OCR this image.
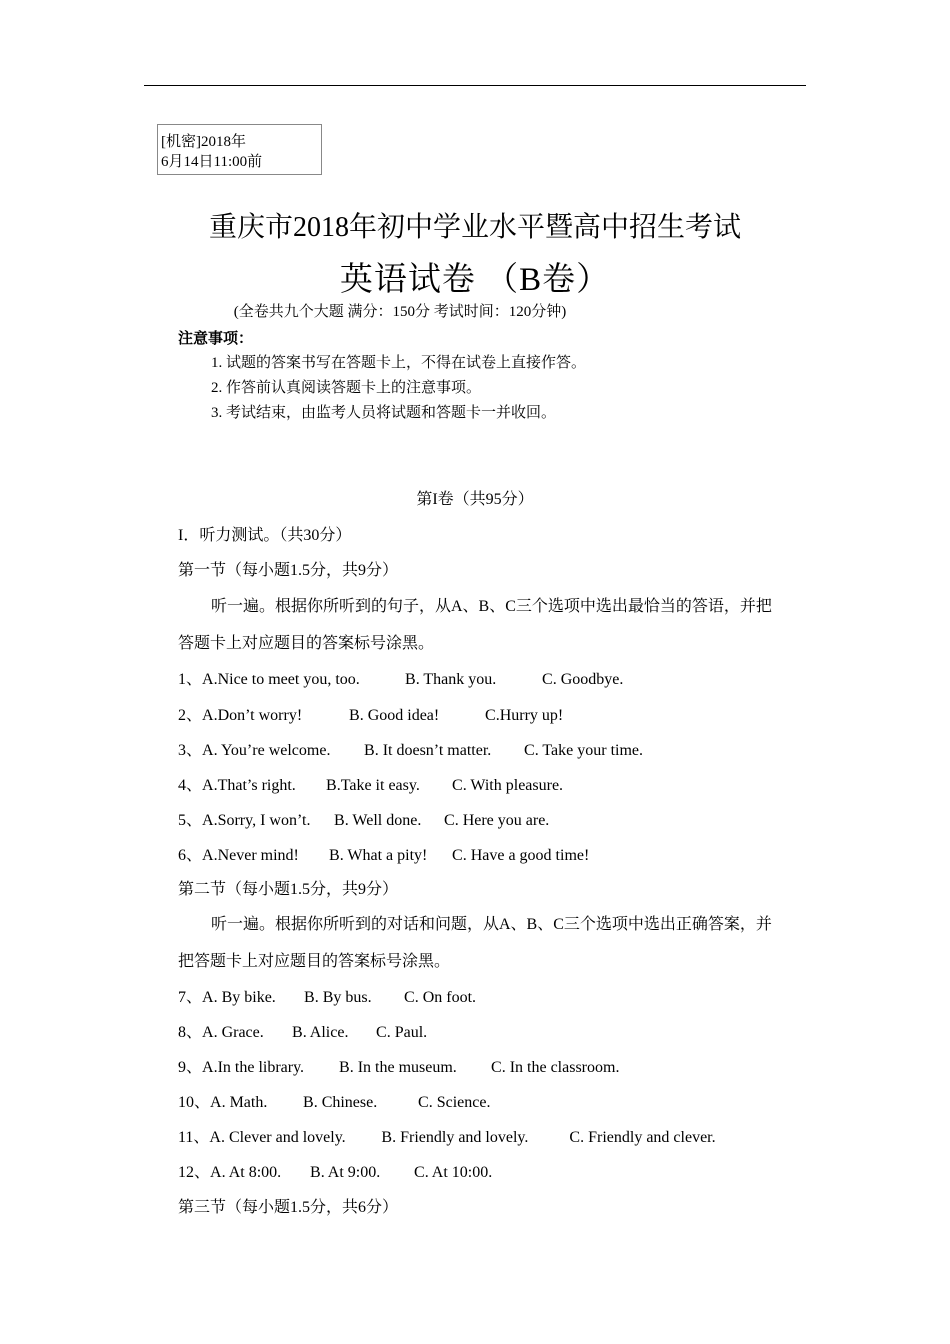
[机密]2018年
6月14日11:00前
重庆市2018年初中学业水平暨高中招生考试
英语试卷 （B卷）
(全卷共九个大题 满分：150分 考试时间：120分钟)
注意事项：
1. 试题的答案书写在答题卡上，不得在试卷上直接作答。
2. 作答前认真阅读答题卡上的注意事项。
3. 考试结束，由监考人员将试题和答题卡一并收回。
第I卷（共95分）
I．听力测试。（共30分）
第一节（每小题1.5分，共9分）
听一遍。根据你所听到的句子，从A、B、C三个选项中选出最恰当的答语，并把
答题卡上对应题目的答案标号涂黑。
1、A.Nice to meet you, too.	B. Thank you.	C. Goodbye.
2、A.Don’t worry!	B. Good idea!	C.Hurry up!
3、A. You’re welcome. B. It doesn’t matter. C. Take your time.
4、A.That’s right. B.Take it easy. C. With pleasure.
5、A.Sorry, I won’t. B. Well done. C. Here you are.
6、A.Never mind! B. What a pity! C. Have a good time!
第二节（每小题1.5分，共9分）
听一遍。根据你所听到的对话和问题，从A、B、C三个选项中选出正确答案，并
把答题卡上对应题目的答案标号涂黑。
7、A. By bike. B. By bus. C. On foot.
8、A. Grace. B. Alice. C. Paul.
9、A.In the library. B. In the museum. C. In the classroom.
10、A. Math. B. Chinese.	C. Science.
11、A. Clever and lovely. B. Friendly and lovely.	C. Friendly and clever.
12、A. At 8:00. B. At 9:00. C. At 10:00.
第三节（每小题1.5分，共6分）
